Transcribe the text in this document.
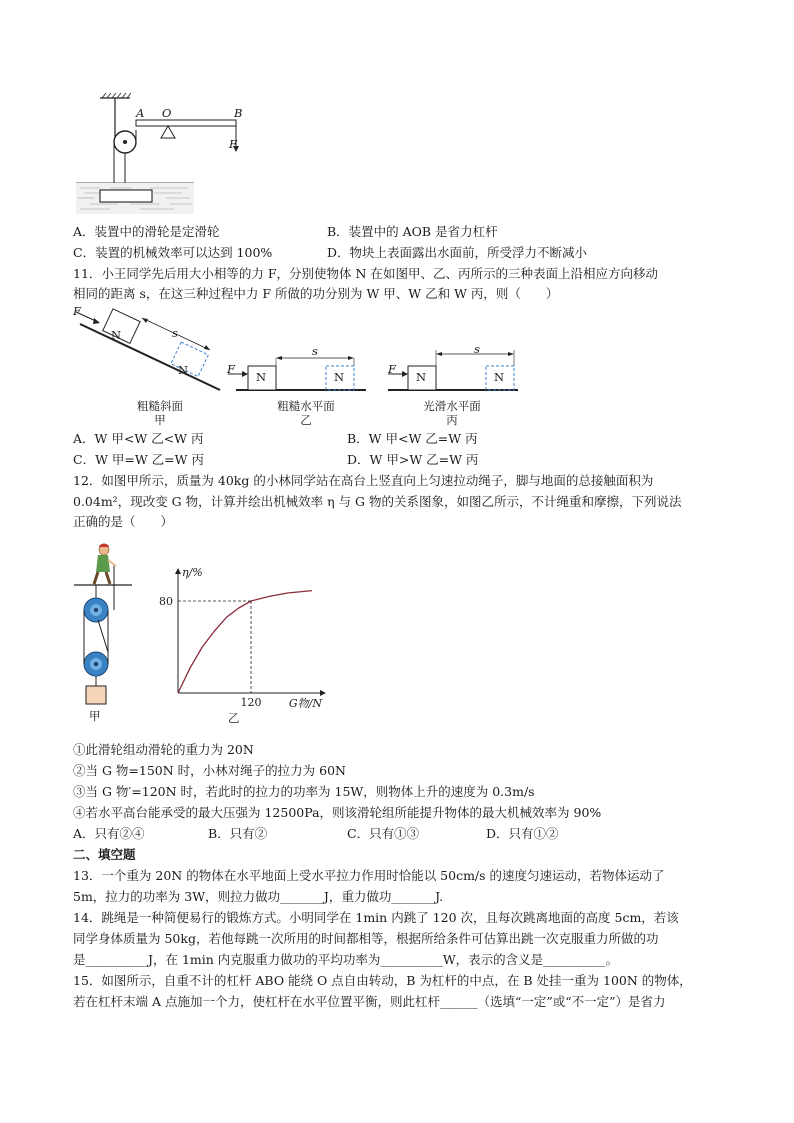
A O	B
F
A．装置中的滑轮是定滑轮	B．装置中的 AOB 是省力杠杆
C．装置的机械效率可以达到 100%	D．物块上表面露出水面前，所受浮力不断减小
11．小王同学先后用大小相等的力 F，分别使物体 N 在如图甲、乙、丙所示的三种表面上沿相应方向移动
相同的距离 s，在这三种过程中力 F 所做的功分别为 W 甲、W 乙和 W 丙，则（　　）
F
N
N
s
F
N	N
s
F
N	N
s
粗糙斜面
甲
粗糙水平面
乙
光滑水平面
丙
A．W 甲<W 乙<W 丙	B．W 甲<W 乙=W 丙
C．W 甲=W 乙=W 丙	D．W 甲>W 乙=W 丙
12．如图甲所示，质量为 40kg 的小林同学站在高台上竖直向上匀速拉动绳子，脚与地面的总接触面积为
0.04m²，现改变 G 物，计算并绘出机械效率 η 与 G 物的关系图象，如图乙所示，不计绳重和摩擦，下列说法
正确的是（　　）
甲
80
120
η/%
G物/N
乙
①此滑轮组动滑轮的重力为 20N
②当 G 物=150N 时，小林对绳子的拉力为 60N
③当 G 物′=120N 时，若此时的拉力的功率为 15W，则物体上升的速度为 0.3m/s
④若水平高台能承受的最大压强为 12500Pa，则该滑轮组所能提升物体的最大机械效率为 90%
A．只有②④	B．只有②	C．只有①③	D．只有①②
二、填空题
13．一个重为 20N 的物体在水平地面上受水平拉力作用时恰能以 50cm/s 的速度匀速运动，若物体运动了
5m，拉力的功率为 3W，则拉力做功_______J，重力做功_______J.
14．跳绳是一种简便易行的锻炼方式。小明同学在 1min 内跳了 120 次，且每次跳离地面的高度 5cm，若该
同学身体质量为 50kg，若他每跳一次所用的时间都相等，根据所给条件可估算出跳一次克服重力所做的功
是__________J，在 1min 内克服重力做功的平均功率为__________W，表示的含义是__________。
15．如图所示，自重不计的杠杆 ABO 能绕 O 点自由转动，B 为杠杆的中点，在 B 处挂一重为 100N 的物体，
若在杠杆末端 A 点施加一个力，使杠杆在水平位置平衡，则此杠杆______（选填“一定”或“不一定”）是省力
